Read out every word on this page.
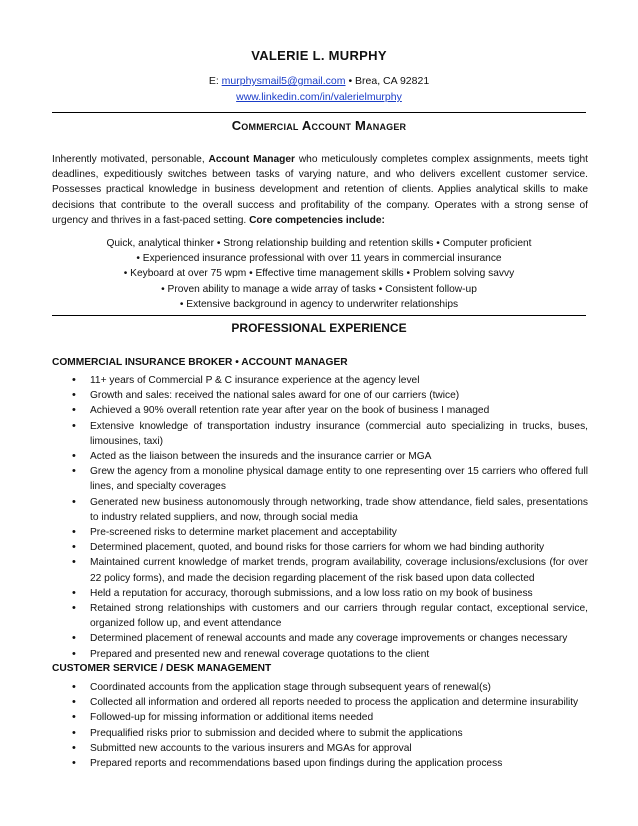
VALERIE L. MURPHY
E: murphysmail5@gmail.com • Brea, CA 92821
www.linkedin.com/in/valerielmurphy
Commercial Account Manager
Inherently motivated, personable, Account Manager who meticulously completes complex assignments, meets tight deadlines, expeditiously switches between tasks of varying nature, and who delivers excellent customer service. Possesses practical knowledge in business development and retention of clients. Applies analytical skills to make decisions that contribute to the overall success and profitability of the company. Operates with a strong sense of urgency and thrives in a fast-paced setting. Core competencies include:
Quick, analytical thinker • Strong relationship building and retention skills • Computer proficient
• Experienced insurance professional with over 11 years in commercial insurance
• Keyboard at over 75 wpm • Effective time management skills • Problem solving savvy
• Proven ability to manage a wide array of tasks • Consistent follow-up
• Extensive background in agency to underwriter relationships
PROFESSIONAL EXPERIENCE
COMMERCIAL INSURANCE BROKER • ACCOUNT MANAGER
• 11+ years of Commercial P & C insurance experience at the agency level
• Growth and sales: received the national sales award for one of our carriers (twice)
• Achieved a 90% overall retention rate year after year on the book of business I managed
• Extensive knowledge of transportation industry insurance (commercial auto specializing in trucks, buses, limousines, taxi)
• Acted as the liaison between the insureds and the insurance carrier or MGA
• Grew the agency from a monoline physical damage entity to one representing over 15 carriers who offered full lines, and specialty coverages
• Generated new business autonomously through networking, trade show attendance, field sales, presentations to industry related suppliers, and now, through social media
• Pre-screened risks to determine market placement and acceptability
• Determined placement, quoted, and bound risks for those carriers for whom we had binding authority
• Maintained current knowledge of market trends, program availability, coverage inclusions/exclusions (for over 22 policy forms), and made the decision regarding placement of the risk based upon data collected
• Held a reputation for accuracy, thorough submissions, and a low loss ratio on my book of business
• Retained strong relationships with customers and our carriers through regular contact, exceptional service, organized follow up, and event attendance
• Determined placement of renewal accounts and made any coverage improvements or changes necessary
• Prepared and presented new and renewal coverage quotations to the client
CUSTOMER SERVICE / DESK MANAGEMENT
• Coordinated accounts from the application stage through subsequent years of renewal(s)
• Collected all information and ordered all reports needed to process the application and determine insurability
• Followed-up for missing information or additional items needed
• Prequalified risks prior to submission and decided where to submit the applications
• Submitted new accounts to the various insurers and MGAs for approval
• Prepared reports and recommendations based upon findings during the application process
